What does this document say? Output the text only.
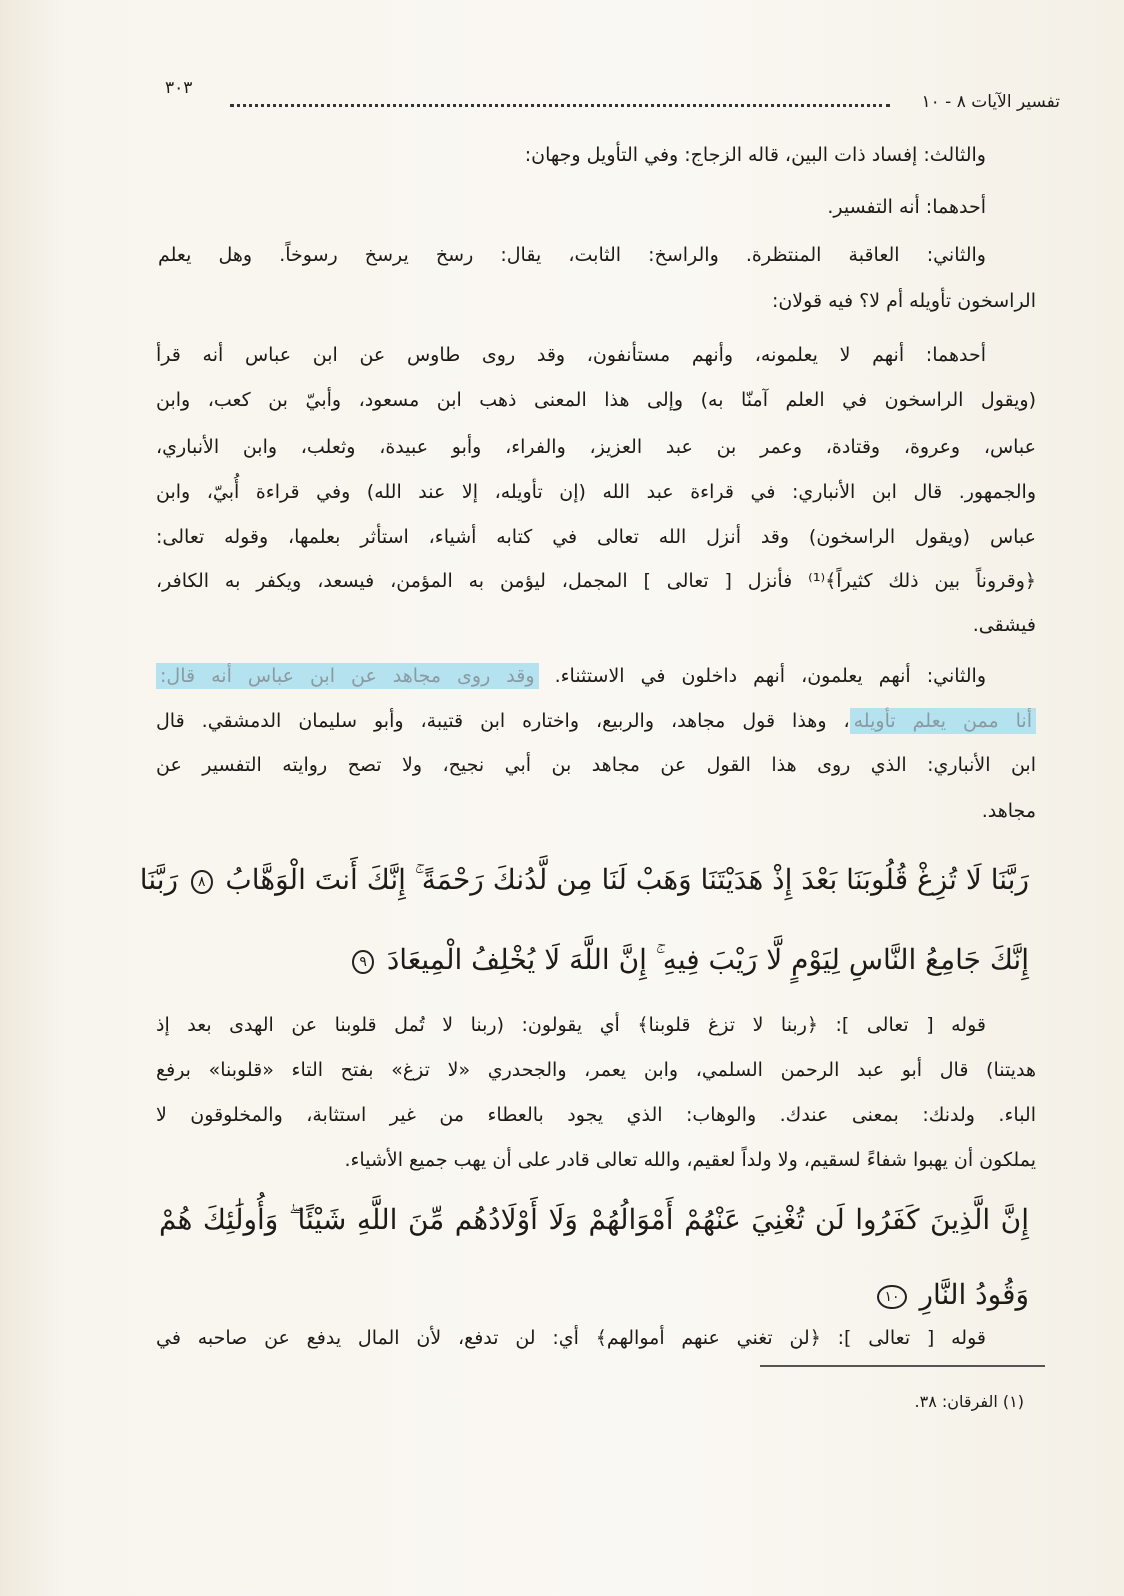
تفسير الآيات ٨ - ١٠
٣٠٣
والثالث: إفساد ذات البين، قاله الزجاج: وفي التأويل وجهان:
أحدهما: أنه التفسير.
والثاني: العاقبة المنتظرة. والراسخ: الثابت، يقال: رسخ يرسخ رسوخاً. وهل يعلم
الراسخون تأويله أم لا؟ فيه قولان:
أحدهما: أنهم لا يعلمونه، وأنهم مستأنفون، وقد روى طاوس عن ابن عباس أنه قرأ
(ويقول الراسخون في العلم آمنّا به) وإلى هذا المعنى ذهب ابن مسعود، وأبيّ بن كعب، وابن
عباس، وعروة، وقتادة، وعمر بن عبد العزيز، والفراء، وأبو عبيدة، وثعلب، وابن الأنباري،
والجمهور. قال ابن الأنباري: في قراءة عبد الله (إن تأويله، إلا عند الله) وفي قراءة أُبيّ، وابن
عباس (ويقول الراسخون) وقد أنزل الله تعالى في كتابه أشياء، استأثر بعلمها، وقوله تعالى:
﴿وقروناً بين ذلك كثيراً﴾⁽¹⁾ فأنزل [ تعالى ] المجمل، ليؤمن به المؤمن، فيسعد، ويكفر به الكافر،
فيشقى.
والثاني: أنهم يعلمون، أنهم داخلون في الاستثناء. وقد روى مجاهد عن ابن عباس أنه قال:
أنا ممن يعلم تأويله، وهذا قول مجاهد، والربيع، واختاره ابن قتيبة، وأبو سليمان الدمشقي. قال
ابن الأنباري: الذي روى هذا القول عن مجاهد بن أبي نجيح، ولا تصح روايته التفسير عن
مجاهد.
رَبَّنَا لَا تُزِغْ قُلُوبَنَا بَعْدَ إِذْ هَدَيْتَنَا وَهَبْ لَنَا مِن لَّدُنكَ رَحْمَةً ۚ إِنَّكَ أَنتَ الْوَهَّابُ ٨ رَبَّنَا
إِنَّكَ جَامِعُ النَّاسِ لِيَوْمٍ لَّا رَيْبَ فِيهِ ۚ إِنَّ اللَّهَ لَا يُخْلِفُ الْمِيعَادَ ٩
قوله [ تعالى ]: ﴿ربنا لا تزغ قلوبنا﴾ أي يقولون: (ربنا لا تُمل قلوبنا عن الهدى بعد إذ
هديتنا) قال أبو عبد الرحمن السلمي، وابن يعمر، والجحدري «لا تزغ» بفتح التاء «قلوبنا» برفع
الباء. ولدنك: بمعنى عندك. والوهاب: الذي يجود بالعطاء من غير استثابة، والمخلوقون لا
يملكون أن يهبوا شفاءً لسقيم، ولا ولداً لعقيم، والله تعالى قادر على أن يهب جميع الأشياء.
إِنَّ الَّذِينَ كَفَرُوا لَن تُغْنِيَ عَنْهُمْ أَمْوَالُهُمْ وَلَا أَوْلَادُهُم مِّنَ اللَّهِ شَيْئًا ۖ وَأُولَٰئِكَ هُمْ
وَقُودُ النَّارِ ١٠
قوله [ تعالى ]: ﴿لن تغني عنهم أموالهم﴾ أي: لن تدفع، لأن المال يدفع عن صاحبه في
(١) الفرقان: ٣٨.
